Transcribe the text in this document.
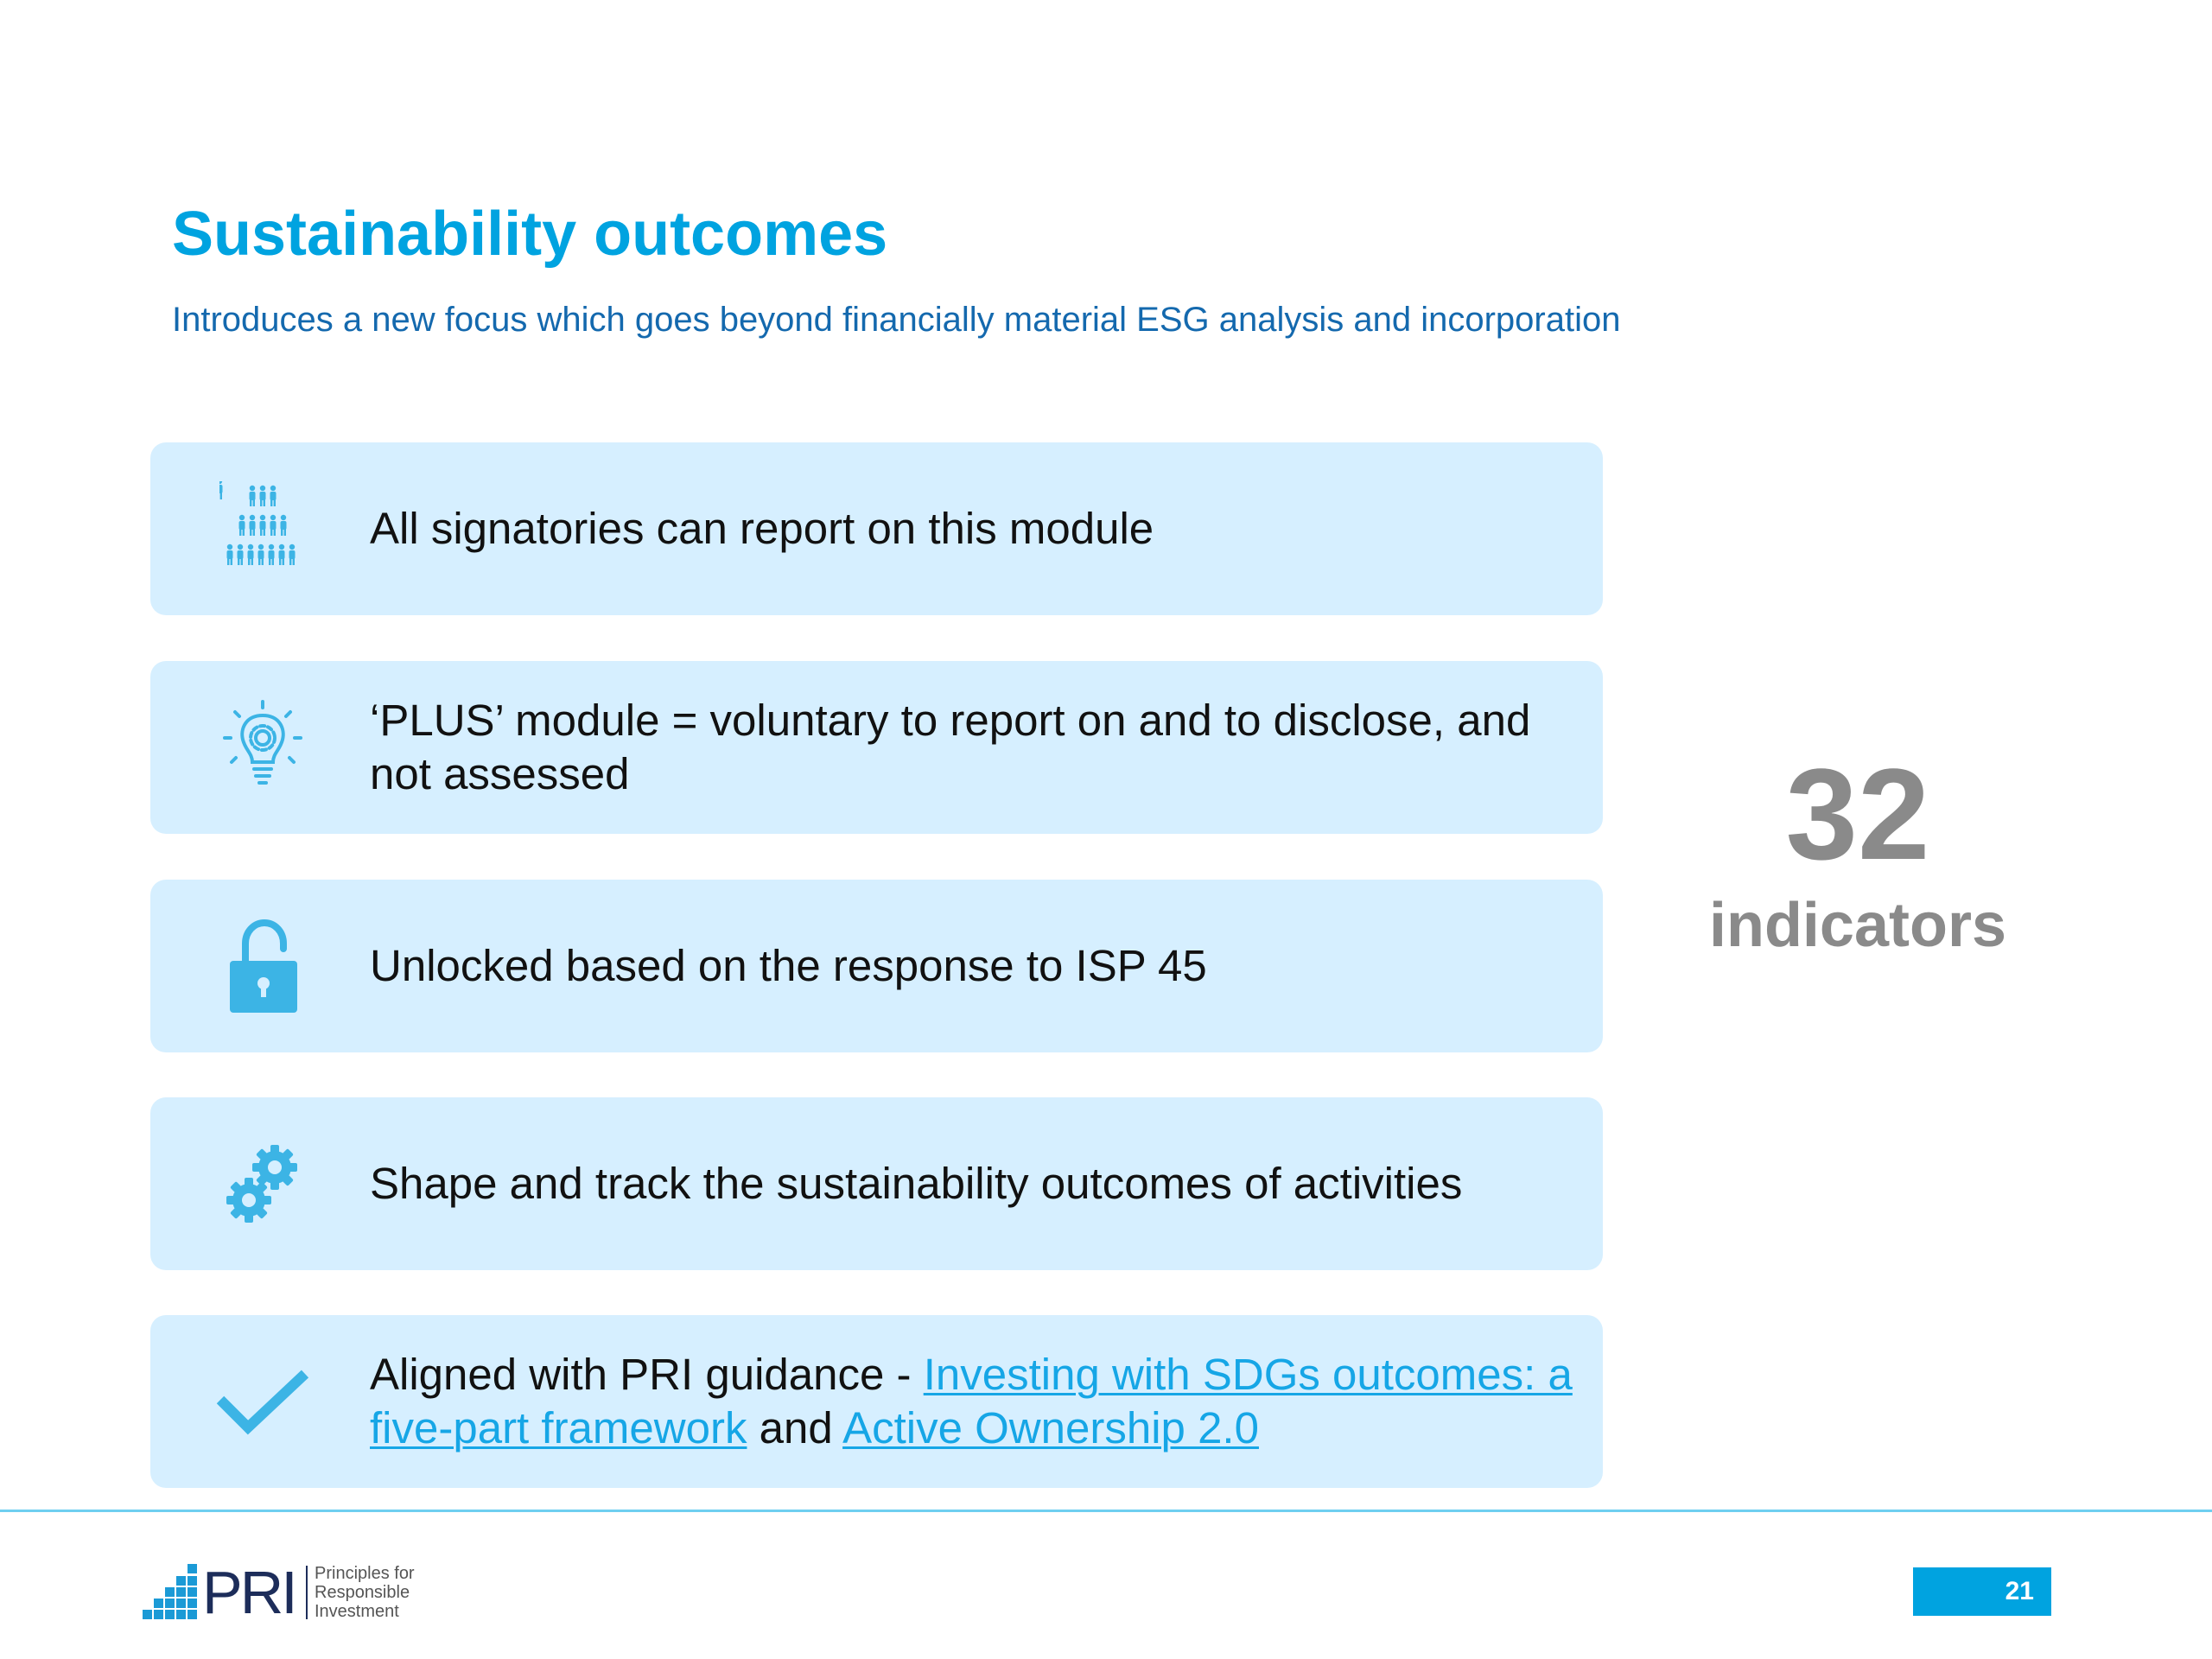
Sustainability outcomes
Introduces a new focus which goes beyond financially material ESG analysis and incorporation
All signatories can report on this module
‘PLUS’ module = voluntary to report on and to disclose, and not assessed
Unlocked based on the response to ISP 45
Shape and track the sustainability outcomes of activities
Aligned with PRI guidance - Investing with SDGs outcomes: a five-part framework and Active Ownership 2.0
32
indicators
PRI Principles for
Responsible
Investment
21
